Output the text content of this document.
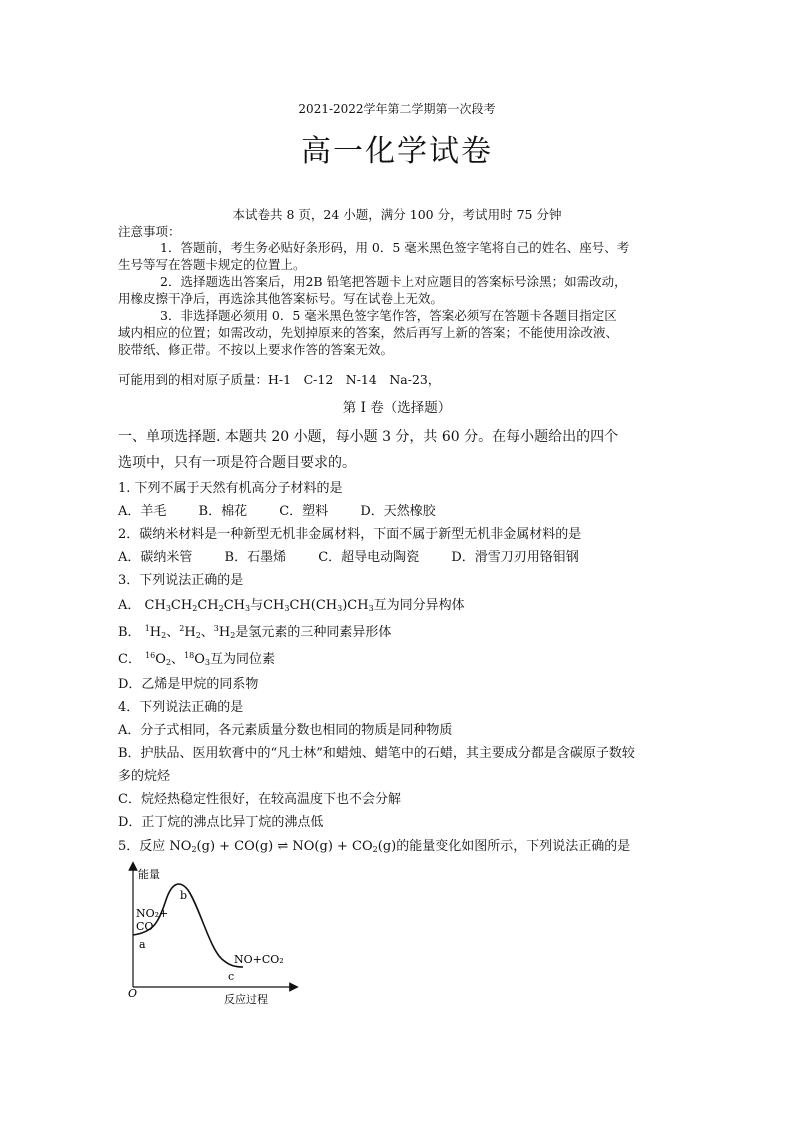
2021-2022学年第二学期第一次段考
高一化学试卷
本试卷共 8 页，24 小题，满分 100 分，考试用时 75 分钟
注意事项：

1．答题前，考生务必贴好条形码，用 0．5 毫米黑色签字笔将自己的姓名、座号、考

生号等写在答题卡规定的位置上。

2．选择题选出答案后，用2B 铅笔把答题卡上对应题目的答案标号涂黑；如需改动，

用橡皮擦干净后，再选涂其他答案标号。写在试卷上无效。

3．非选择题必须用 0．5 毫米黑色签字笔作答，答案必须写在答题卡各题目指定区

域内相应的位置；如需改动，先划掉原来的答案，然后再写上新的答案；不能使用涂改液、

胶带纸、修正带。不按以上要求作答的答案无效。

可能用到的相对原子质量：H-1　C-12　N-14　Na-23，
第 I 卷（选择题）
一、单项选择题. 本题共 20 小题，每小题 3 分，共 60 分。在每小题给出的四个
选项中，只有一项是符合题目要求的。
1. 下列不属于天然有机高分子材料的是
A．羊毛 B．棉花 C．塑料 D．天然橡胶
2．碳纳米材料是一种新型无机非金属材料，下面不属于新型无机非金属材料的是
A．碳纳米管 B．石墨烯 C．超导电动陶瓷 D．滑雪刀刃用铬钼钢
3．下列说法正确的是
A． $CH_3CH_2CH_2CH_3$与$CH_3CH(CH_3)CH_3$互为同分异构体
B． $^1H_2$、$^2H_2$、$^3H_2$是氢元素的三种同素异形体
C． $^{16}O_2$、$^{18}O_3$互为同位素
D．乙烯是甲烷的同系物
4．下列说法正确的是
A．分子式相同，各元素质量分数也相同的物质是同种物质
B．护肤品、医用软膏中的“凡士林”和蜡烛、蜡笔中的石蜡，其主要成分都是含碳原子数较
多的烷烃
C．烷烃热稳定性很好，在较高温度下也不会分解
D．正丁烷的沸点比异丁烷的沸点低
5．反应 $NO_2(g) + CO(g)$ ⇌ $NO(g) + CO_2(g)$的能量变化如图所示，下列说法正确的是
能量
反应过程
O
a
b
c
NO₂+
CO
NO+CO₂
